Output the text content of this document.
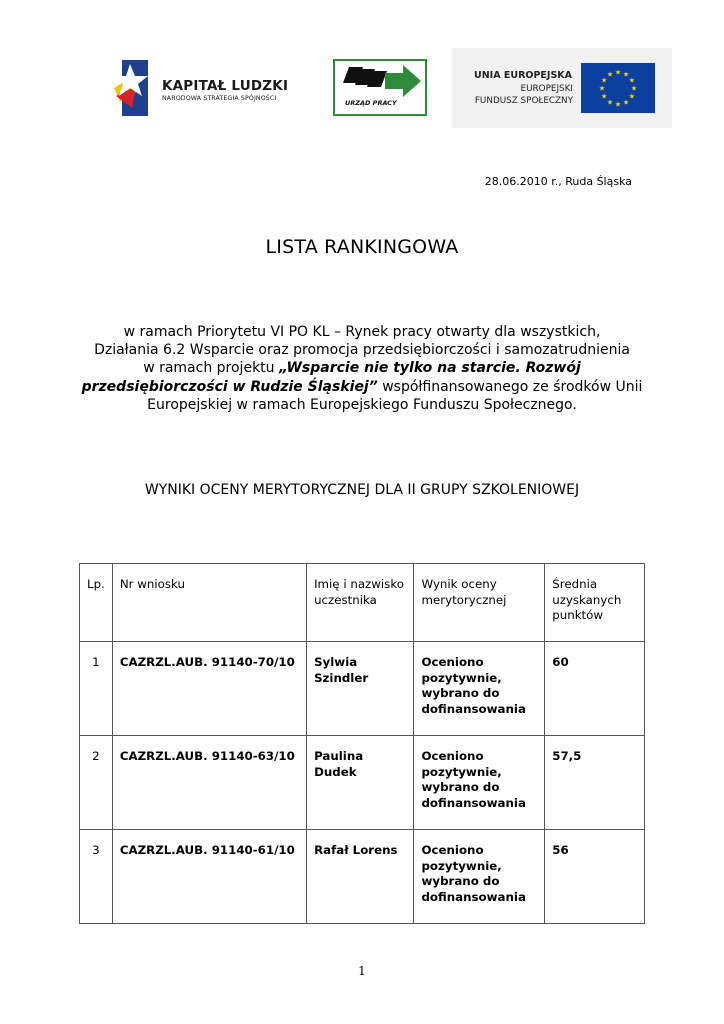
KAPITAŁ LUDZKI
NARODOWA STRATEGIA SPÓJNOŚCI
URZĄD PRACY
UNIA EUROPEJSKA
EUROPEJSKI
FUNDUSZ SPOŁECZNY
★ ★
★
★
★
★
★
★
★
★
★
★
28.06.2010 r., Ruda Śląska
LISTA RANKINGOWA
w ramach Priorytetu VI PO KL – Rynek pracy otwarty dla wszystkich,
Działania 6.2 Wsparcie oraz promocja przedsiębiorczości i samozatrudnienia
w ramach projektu „Wsparcie nie tylko na starcie. Rozwój
przedsiębiorczości w Rudzie Śląskiej” współfinansowanego ze środków Unii
Europejskiej w ramach Europejskiego Funduszu Społecznego.
WYNIKI OCENY MERYTORYCZNEJ DLA II GRUPY SZKOLENIOWEJ
Lp.	Nr wniosku	Imię i nazwisko uczestnika	Wynik oceny merytorycznej	Średnia uzyskanych punktów
1	CAZRZL.AUB. 91140-70/10	Sylwia Szindler	Oceniono pozytywnie, wybrano do dofinansowania	60
2	CAZRZL.AUB. 91140-63/10	Paulina Dudek	Oceniono pozytywnie, wybrano do dofinansowania	57,5
3	CAZRZL.AUB. 91140-61/10	Rafał Lorens	Oceniono pozytywnie, wybrano do dofinansowania	56
1
